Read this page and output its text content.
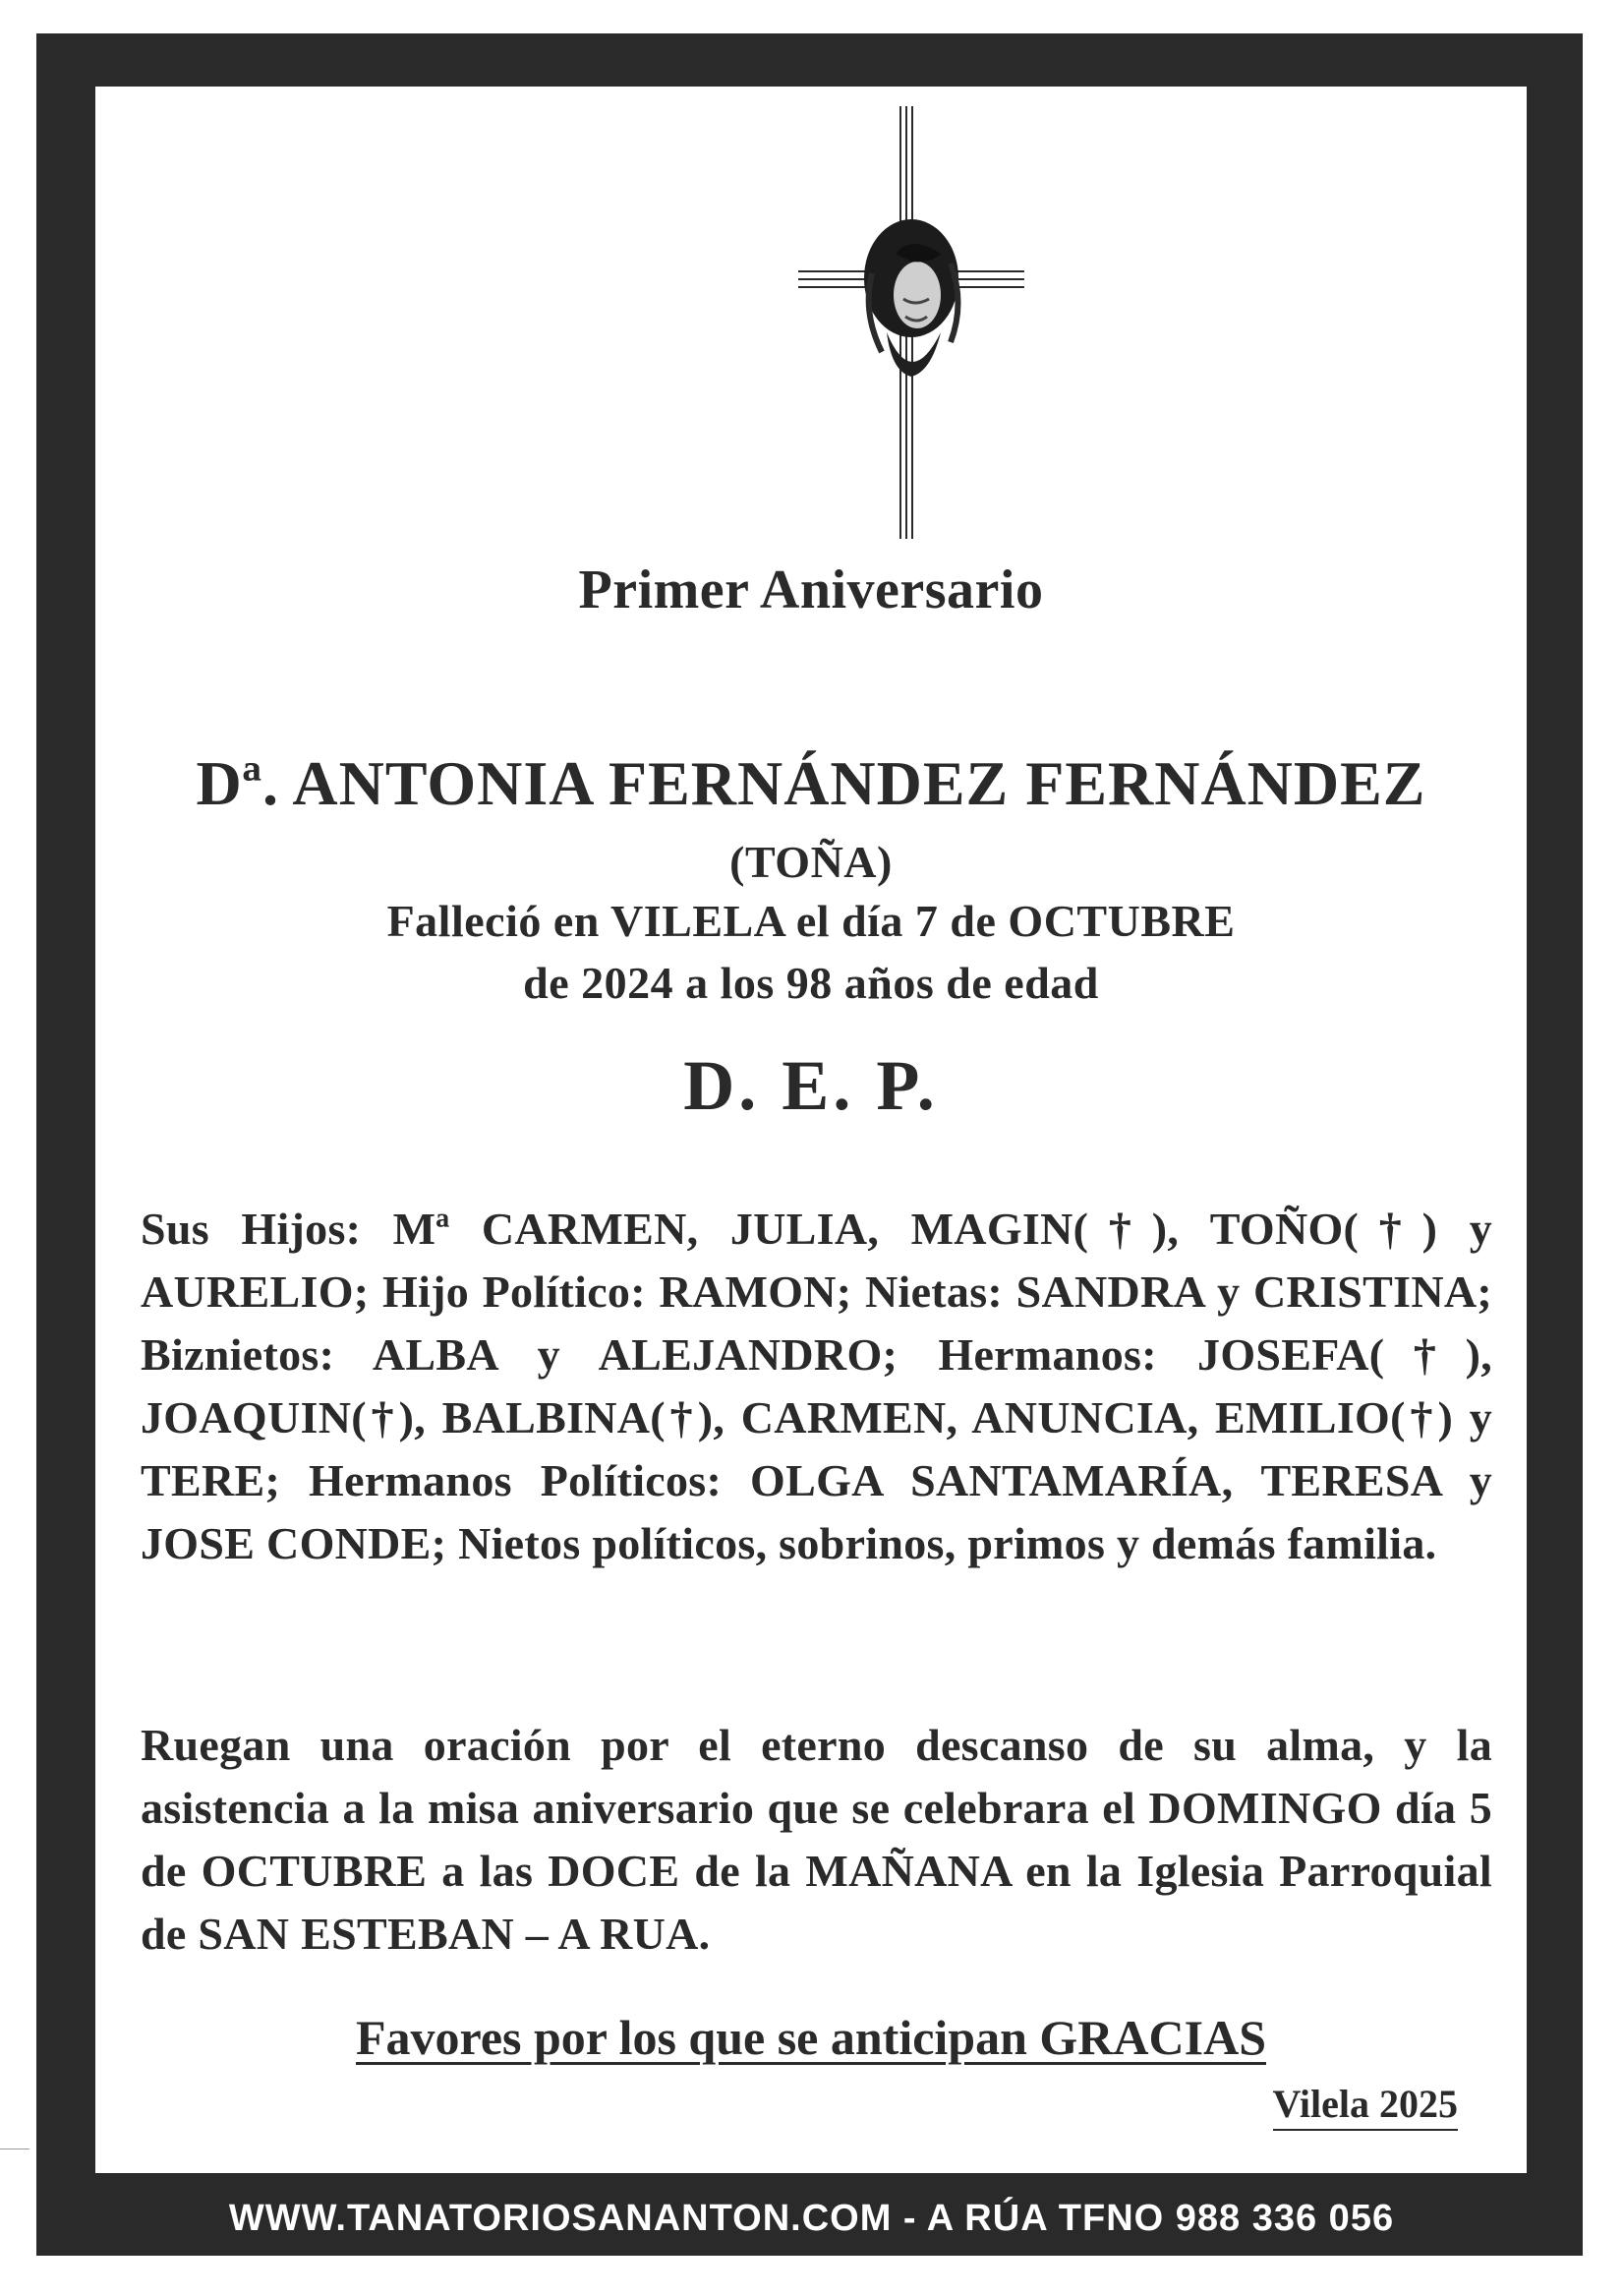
Primer Aniversario
Dª. ANTONIA FERNÁNDEZ FERNÁNDEZ
(TOÑA)
Falleció en VILELA el día 7 de OCTUBRE
de 2024 a los 98 años de edad
D. E. P.
Sus Hijos: Mª CARMEN, JULIA, MAGIN(†), TOÑO(†) y AURELIO; Hijo Político: RAMON; Nietas: SANDRA y CRISTINA; Biznietos: ALBA y ALEJANDRO; Hermanos: JOSEFA(†), JOAQUIN(†), BALBINA(†), CARMEN, ANUNCIA, EMILIO(†) y TERE; Hermanos Políticos: OLGA SANTAMARÍA, TERESA y JOSE CONDE; Nietos políticos, sobrinos, primos y demás familia.
Ruegan una oración por el eterno descanso de su alma, y la asistencia a la misa aniversario que se celebrara el DOMINGO día 5 de OCTUBRE a las DOCE de la MAÑANA en la Iglesia Parroquial de SAN ESTEBAN – A RUA.
Favores por los que se anticipan GRACIAS
Vilela 2025
WWW.TANATORIOSANANTON.COM - A RÚA TFNO 988 336 056
